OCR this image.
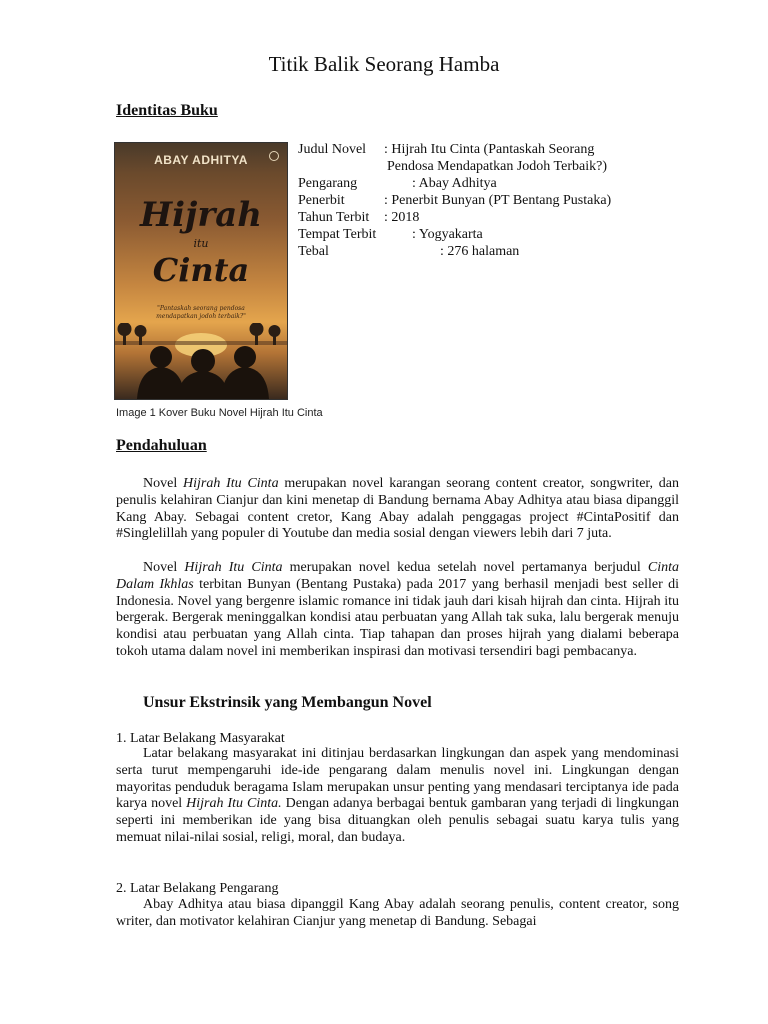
Titik Balik Seorang Hamba
Identitas Buku
ABAY ADHITYA
Hijrah
itu
Cinta
"Pantaskah seorang pendosa mendapatkan jodoh terbaik?"
Image 1 Kover Buku Novel Hijrah Itu Cinta
Judul Novel : Hijrah Itu Cinta (Pantaskah Seorang
Pendosa Mendapatkan Jodoh Terbaik?)
Pengarang	: Abay Adhitya
Penerbit	: Penerbit Bunyan (PT Bentang Pustaka)
Tahun Terbit : 2018
Tempat Terbit	: Yogyakarta
Tebal	: 276 halaman
Pendahuluan
Novel Hijrah Itu Cinta merupakan novel karangan seorang content creator, songwriter, dan penulis kelahiran Cianjur dan kini menetap di Bandung bernama Abay Adhitya atau biasa dipanggil Kang Abay. Sebagai content cretor, Kang Abay adalah penggagas project #CintaPositif dan #Singlelillah yang populer di Youtube dan media sosial dengan viewers lebih dari 7 juta.
Novel Hijrah Itu Cinta merupakan novel kedua setelah novel pertamanya berjudul Cinta Dalam Ikhlas terbitan Bunyan (Bentang Pustaka) pada 2017 yang berhasil menjadi best seller di Indonesia. Novel yang bergenre islamic romance ini tidak jauh dari kisah hijrah dan cinta. Hijrah itu bergerak. Bergerak meninggalkan kondisi atau perbuatan yang Allah tak suka, lalu bergerak menuju kondisi atau perbuatan yang Allah cinta. Tiap tahapan dan proses hijrah yang dialami beberapa tokoh utama dalam novel ini memberikan inspirasi dan motivasi tersendiri bagi pembacanya.
Unsur Ekstrinsik yang Membangun Novel
1. Latar Belakang Masyarakat
Latar belakang masyarakat ini ditinjau berdasarkan lingkungan dan aspek yang mendominasi serta turut mempengaruhi ide-ide pengarang dalam menulis novel ini. Lingkungan dengan mayoritas penduduk beragama Islam merupakan unsur penting yang mendasari terciptanya ide pada karya novel Hijrah Itu Cinta. Dengan adanya berbagai bentuk gambaran yang terjadi di lingkungan seperti ini memberikan ide yang bisa dituangkan oleh penulis sebagai suatu karya tulis yang memuat nilai-nilai sosial, religi, moral, dan budaya.
2. Latar Belakang Pengarang
Abay Adhitya atau biasa dipanggil Kang Abay adalah seorang penulis, content creator, song writer, dan motivator kelahiran Cianjur yang menetap di Bandung. Sebagai
